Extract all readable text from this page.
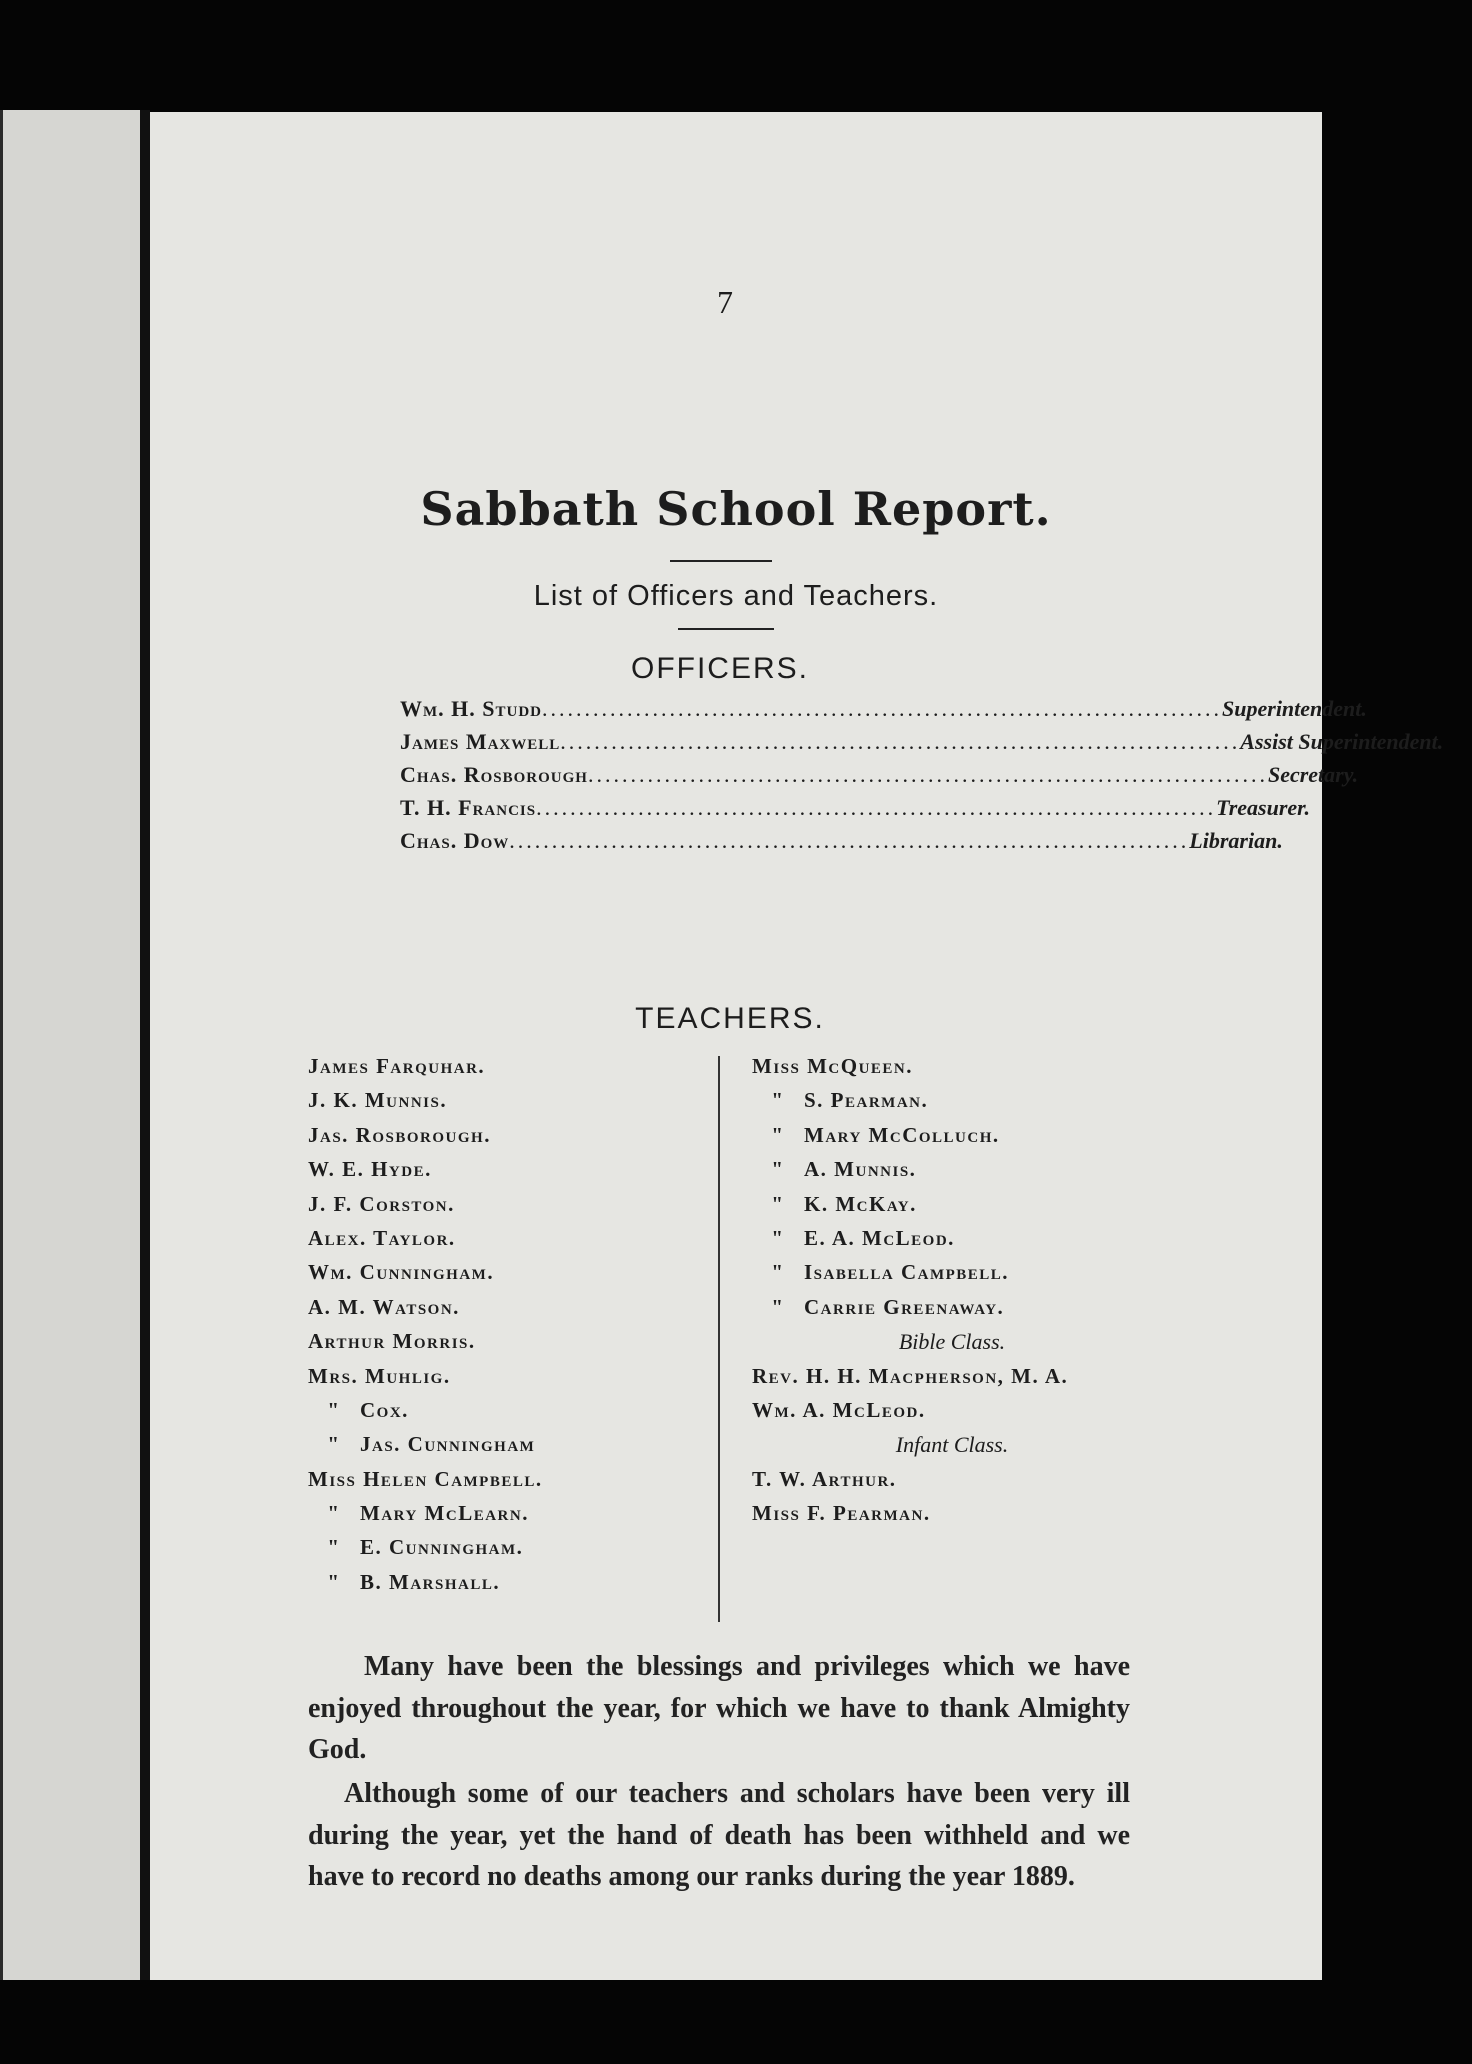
7
Sabbath School Report.
List of Officers and Teachers.
OFFICERS.
Wm. H. Studd ................................................................................ Superintendent.
James Maxwell ................................................................................ Assist Superintendent.
Chas. Rosborough ................................................................................ Secretary.
T. H. Francis ................................................................................ Treasurer.
Chas. Dow ................................................................................ Librarian.
TEACHERS.
James Farquhar.
J. K. Munnis.
Jas. Rosborough.
W. E. Hyde.
J. F. Corston.
Alex. Taylor.
Wm. Cunningham.
A. M. Watson.
Arthur Morris.
Mrs. Muhlig.
" Cox.
" Jas. Cunningham
Miss Helen Campbell.
" Mary McLearn.
" E. Cunningham.
" B. Marshall.
Miss McQueen.
" S. Pearman.
" Mary McColluch.
" A. Munnis.
" K. McKay.
" E. A. McLeod.
" Isabella Campbell.
" Carrie Greenaway.
Bible Class.
Rev. H. H. Macpherson, M. A.
Wm. A. McLeod.
Infant Class.
T. W. Arthur.
Miss F. Pearman.
Many have been the blessings and privileges which we have enjoyed throughout the year, for which we have to thank Almighty God.
Although some of our teachers and scholars have been very ill during the year, yet the hand of death has been withheld and we have to record no deaths among our ranks during the year 1889.
